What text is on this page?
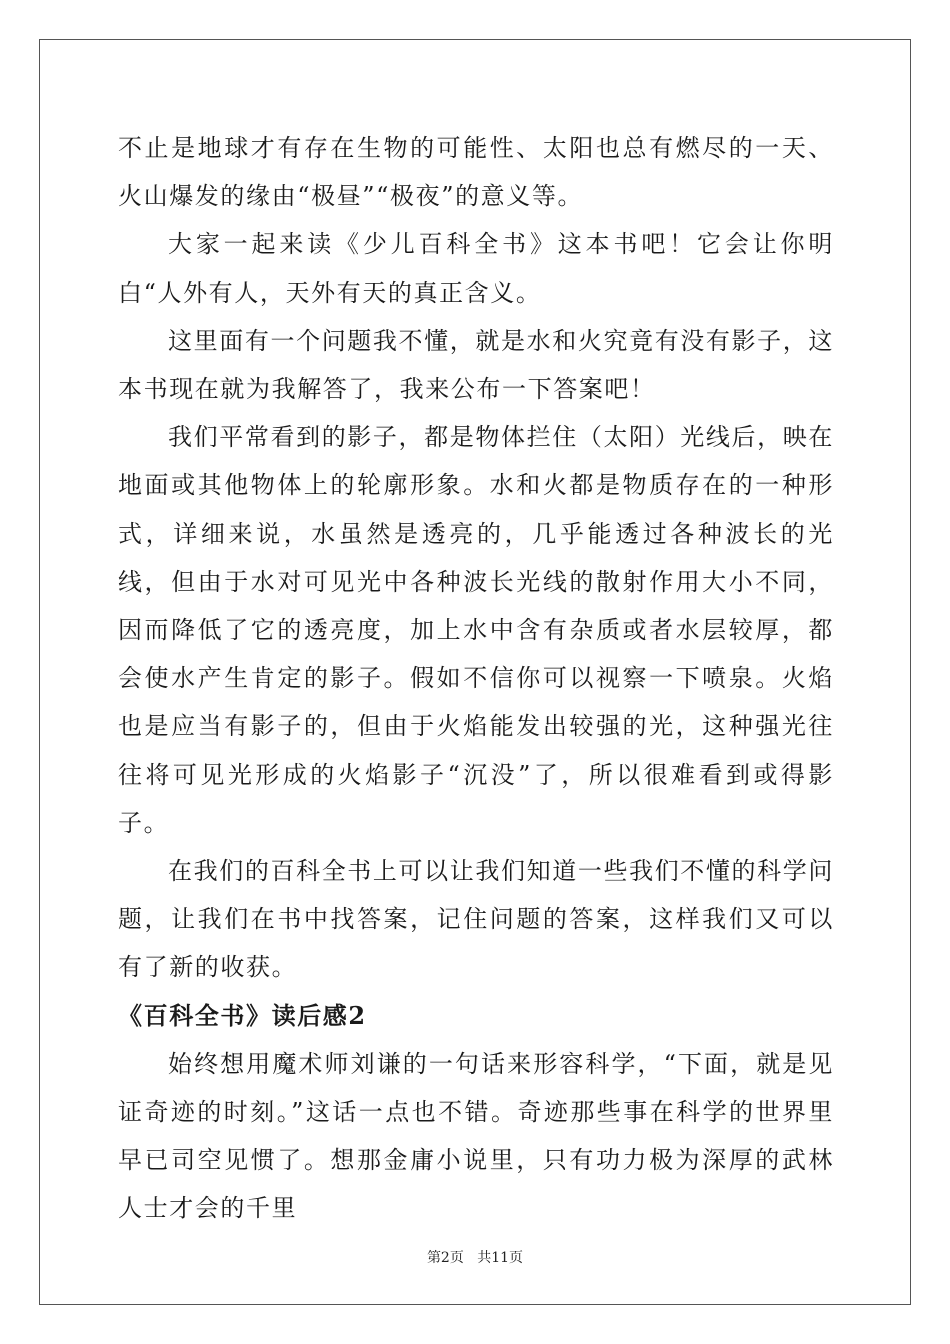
不止是地球才有存在生物的可能性、太阳也总有燃尽的一天、火山爆发的缘由“极昼”“极夜”的意义等。

大家一起来读《少儿百科全书》这本书吧！它会让你明白“人外有人，天外有天的真正含义。

这里面有一个问题我不懂，就是水和火究竟有没有影子，这本书现在就为我解答了，我来公布一下答案吧！

我们平常看到的影子，都是物体拦住（太阳）光线后，映在地面或其他物体上的轮廓形象。水和火都是物质存在的一种形式，详细来说，水虽然是透亮的，几乎能透过各种波长的光线，但由于水对可见光中各种波长光线的散射作用大小不同，因而降低了它的透亮度，加上水中含有杂质或者水层较厚，都会使水产生肯定的影子。假如不信你可以视察一下喷泉。火焰也是应当有影子的，但由于火焰能发出较强的光，这种强光往往将可见光形成的火焰影子“沉没”了，所以很难看到或得影子。

在我们的百科全书上可以让我们知道一些我们不懂的科学问题，让我们在书中找答案，记住问题的答案，这样我们又可以有了新的收获。

《百科全书》读后感2

始终想用魔术师刘谦的一句话来形容科学，“下面，就是见证奇迹的时刻。”这话一点也不错。奇迹那些事在科学的世界里早已司空见惯了。想那金庸小说里，只有功力极为深厚的武林人士才会的千里

第2页 共11页
